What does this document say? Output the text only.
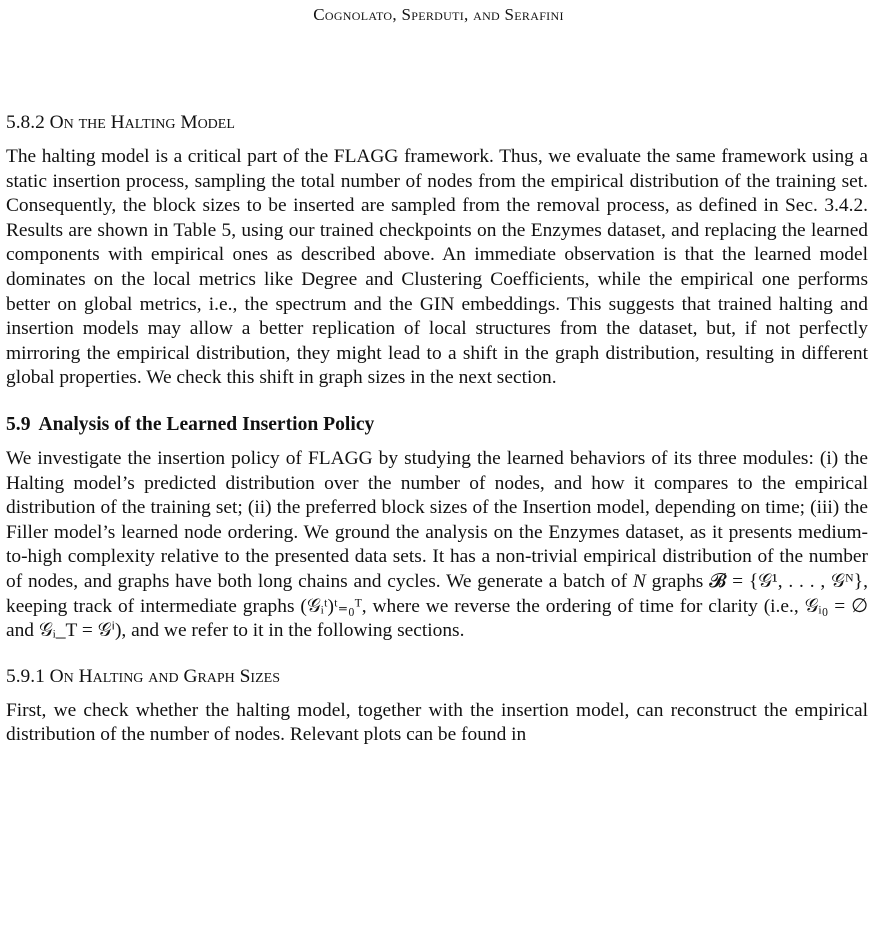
Cognolato, Sperduti, and Serafini
5.8.2 On the Halting Model

The halting model is a critical part of the FLAGG framework. Thus, we evaluate the same framework using a static insertion process, sampling the total number of nodes from the empirical distribution of the training set. Consequently, the block sizes to be inserted are sampled from the removal process, as defined in Sec. 3.4.2. Results are shown in Table 5, using our trained checkpoints on the Enzymes dataset, and replacing the learned components with empirical ones as described above. An immediate observation is that the learned model dominates on the local metrics like Degree and Clustering Coefficients, while the empirical one performs better on global metrics, i.e., the spectrum and the GIN embeddings. This suggests that trained halting and insertion models may allow a better replication of local structures from the dataset, but, if not perfectly mirroring the empirical distribution, they might lead to a shift in the graph distribution, resulting in different global properties. We check this shift in graph sizes in the next section.

5.9 Analysis of the Learned Insertion Policy

We investigate the insertion policy of FLAGG by studying the learned behaviors of its three modules: (i) the Halting model’s predicted distribution over the number of nodes, and how it compares to the empirical distribution of the training set; (ii) the preferred block sizes of the Insertion model, depending on time; (iii) the Filler model’s learned node ordering. We ground the analysis on the Enzymes dataset, as it presents medium-to-high complexity relative to the presented data sets. It has a non-trivial empirical distribution of the number of nodes, and graphs have both long chains and cycles. We generate a batch of N graphs 𝓑 = {𝒢¹, . . . , 𝒢ᴺ}, keeping track of intermediate graphs (𝒢ᵢᵗ)ᵗ₌₀ᵀ, where we reverse the ordering of time for clarity (i.e., 𝒢ᵢ₀ = ∅ and 𝒢ᵢ_T = 𝒢ⁱ), and we refer to it in the following sections.

5.9.1 On Halting and Graph Sizes

First, we check whether the halting model, together with the insertion model, can reconstruct the empirical distribution of the number of nodes. Relevant plots can be found in
